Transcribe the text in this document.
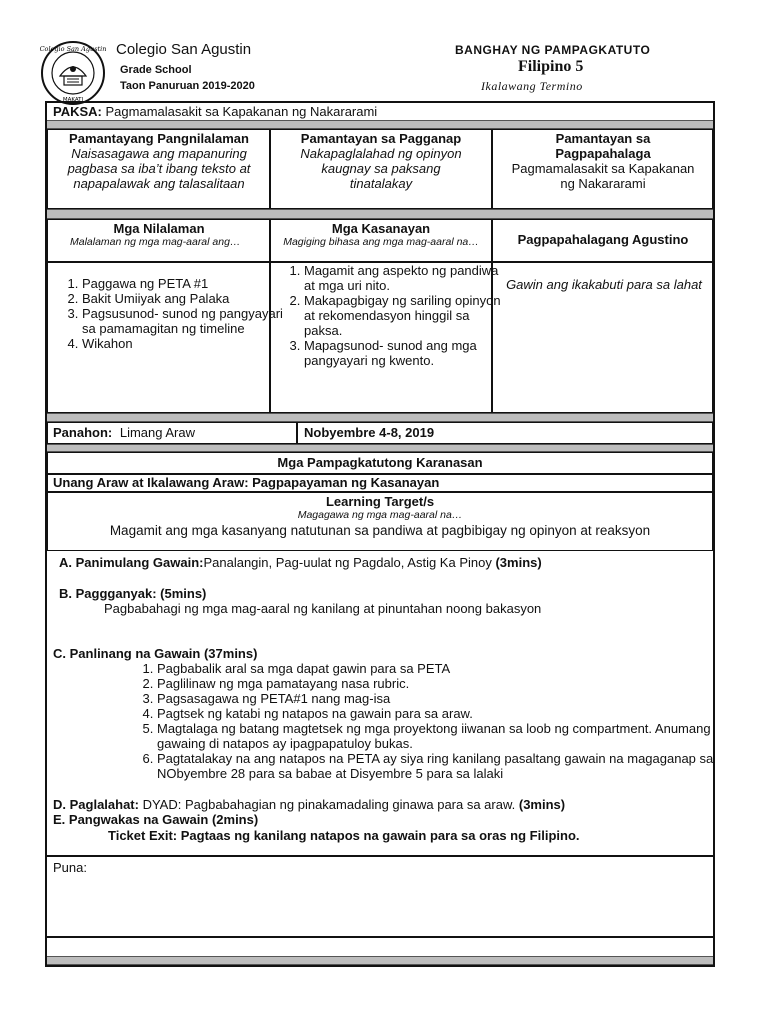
Colegio San Agustin
MAKATI
Colegio San Agustin
Grade School
Taon Panuruan 2019-2020
BANGHAY NG PAMPAGKATUTO
Filipino 5
Ikalawang Termino
PAKSA: Pagmamalasakit sa Kapakanan ng Nakararami
Pamantayang Pangnilalaman
Naisasagawa ang mapanuring pagbasa sa iba’t ibang teksto at napapalawak ang talasalitaan
Pamantayan sa Pagganap
Nakapaglalahad ng opinyon kaugnay sa paksang tinatalakay
Pamantayan sa Pagpapahalaga
Pagmamalasakit sa Kapakanan ng Nakararami
Mga Nilalaman
Malalaman ng mga mag-aaral ang…
Mga Kasanayan
Magiging bihasa ang mga mag-aaral na…	Pagpapahalagang Agustino
1. Paggawa ng PETA #1
2. Bakit Umiiyak ang Palaka
3. Pagsusunod- sunod ng pangyayari sa pamamagitan ng timeline
4. Wikahon
1. Magamit ang aspekto ng pandiwa at mga uri nito.
2. Makapagbigay ng sariling opinyon at rekomendasyon hinggil sa paksa.
3. Mapagsunod- sunod ang mga pangyayari ng kwento.
Gawin ang ikakabuti para sa lahat
Panahon: Limang Araw	Nobyembre 4-8, 2019
Mga Pampagkatutong Karanasan
Unang Araw at Ikalawang Araw: Pagpapayaman ng Kasanayan
Learning Target/s
Magagawa ng mga mag-aaral na…
Magamit ang mga kasanyang natutunan sa pandiwa at pagbibigay ng opinyon at reaksyon
A. Panimulang Gawain:Panalangin, Pag-uulat ng Pagdalo, Astig Ka Pinoy (3mins)
B. Paggganyak: (5mins)
Pagbabahagi ng mga mag-aaral ng kanilang at pinuntahan noong bakasyon
C. Panlinang na Gawain (37mins)
1. Pagbabalik aral sa mga dapat gawin para sa PETA
2. Paglilinaw ng mga pamatayang nasa rubric.
3. Pagsasagawa ng PETA#1 nang mag-isa
4. Pagtsek ng katabi ng natapos na gawain para sa araw.
5. Magtalaga ng batang magtetsek ng mga proyektong iiwanan sa loob ng compartment. Anumang gawaing di natapos ay ipagpapatuloy bukas.
6. Pagtatalakay na ang natapos na PETA ay siya ring kanilang pasaltang gawain na magaganap sa NObyembre 28 para sa babae at Disyembre 5 para sa lalaki
D. Paglalahat: DYAD: Pagbabahagian ng pinakamadaling ginawa para sa araw. (3mins)
E. Pangwakas na Gawain (2mins)
Ticket Exit: Pagtaas ng kanilang natapos na gawain para sa oras ng Filipino.
Puna:
